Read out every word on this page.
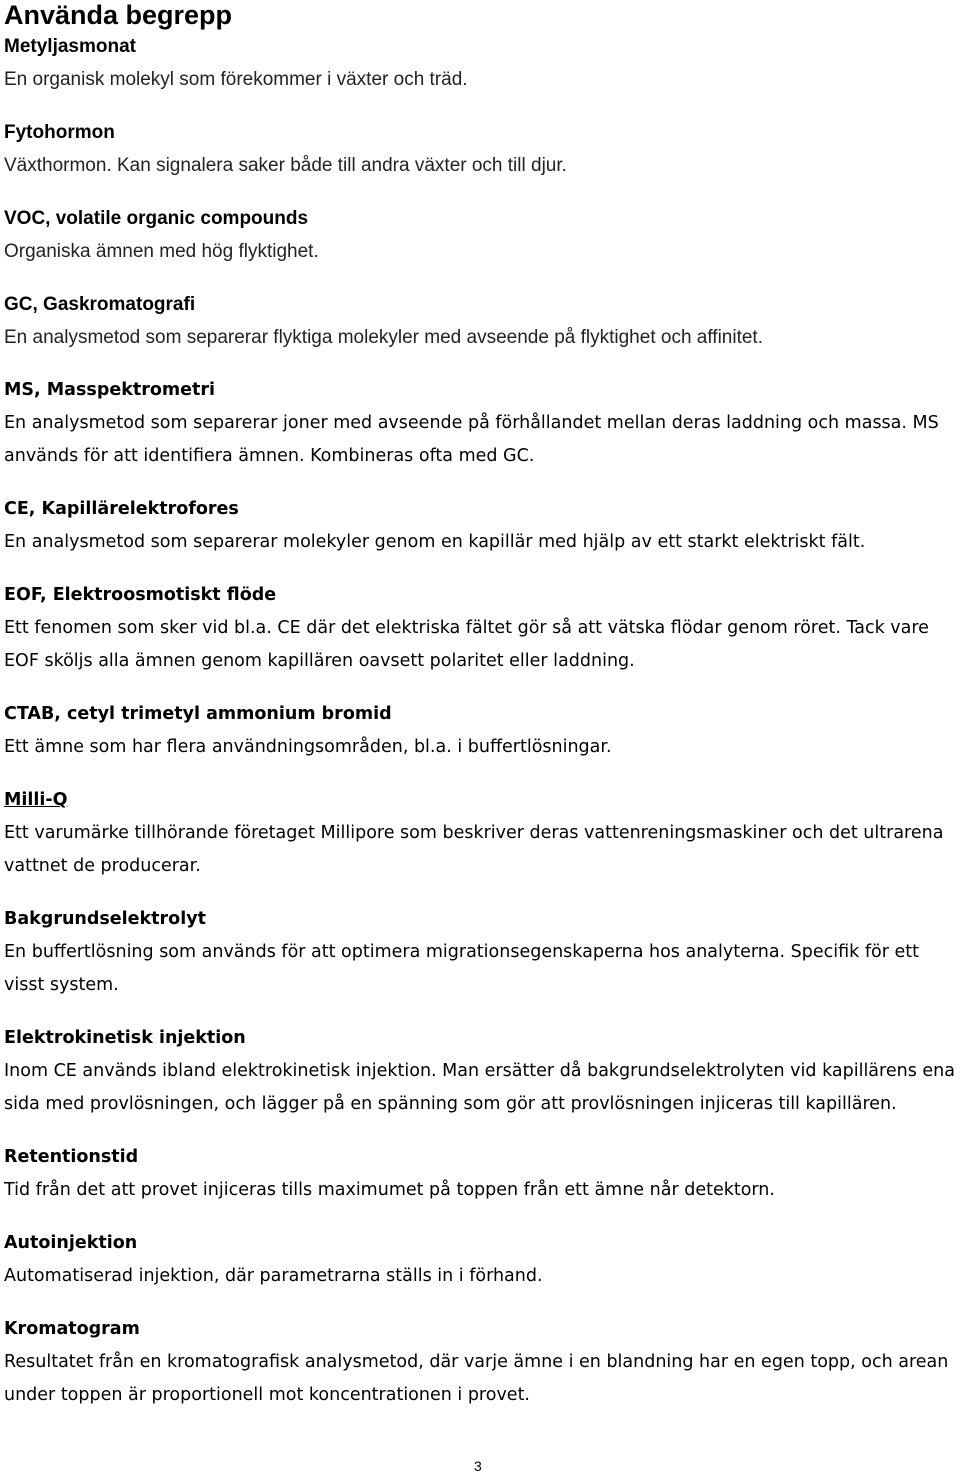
Använda begrepp

Metyljasmonat

En organisk molekyl som förekommer i växter och träd.

Fytohormon

Växthormon. Kan signalera saker både till andra växter och till djur.

VOC, volatile organic compounds

Organiska ämnen med hög flyktighet.

GC, Gaskromatografi

En analysmetod som separerar flyktiga molekyler med avseende på flyktighet och affinitet.

MS, Masspektrometri

En analysmetod som separerar joner med avseende på förhållandet mellan deras laddning och massa. MS används för att identifiera ämnen. Kombineras ofta med GC.

CE, Kapillärelektrofores

En analysmetod som separerar molekyler genom en kapillär med hjälp av ett starkt elektriskt fält.

EOF, Elektroosmotiskt flöde

Ett fenomen som sker vid bl.a. CE där det elektriska fältet gör så att vätska flödar genom röret. Tack vare EOF sköljs alla ämnen genom kapillären oavsett polaritet eller laddning.

CTAB, cetyl trimetyl ammonium bromid

Ett ämne som har flera användningsområden, bl.a. i buffertlösningar.

Milli-Q

Ett varumärke tillhörande företaget Millipore som beskriver deras vattenreningsmaskiner och det ultrarena vattnet de producerar.

Bakgrundselektrolyt

En buffertlösning som används för att optimera migrationsegenskaperna hos analyterna. Specifik för ett visst system.

Elektrokinetisk injektion

Inom CE används ibland elektrokinetisk injektion. Man ersätter då bakgrundselektrolyten vid kapillärens ena sida med provlösningen, och lägger på en spänning som gör att provlösningen injiceras till kapillären.

Retentionstid

Tid från det att provet injiceras tills maximumet på toppen från ett ämne når detektorn.

Autoinjektion

Automatiserad injektion, där parametrarna ställs in i förhand.

Kromatogram

Resultatet från en kromatografisk analysmetod, där varje ämne i en blandning har en egen topp, och arean under toppen är proportionell mot koncentrationen i provet.

3
